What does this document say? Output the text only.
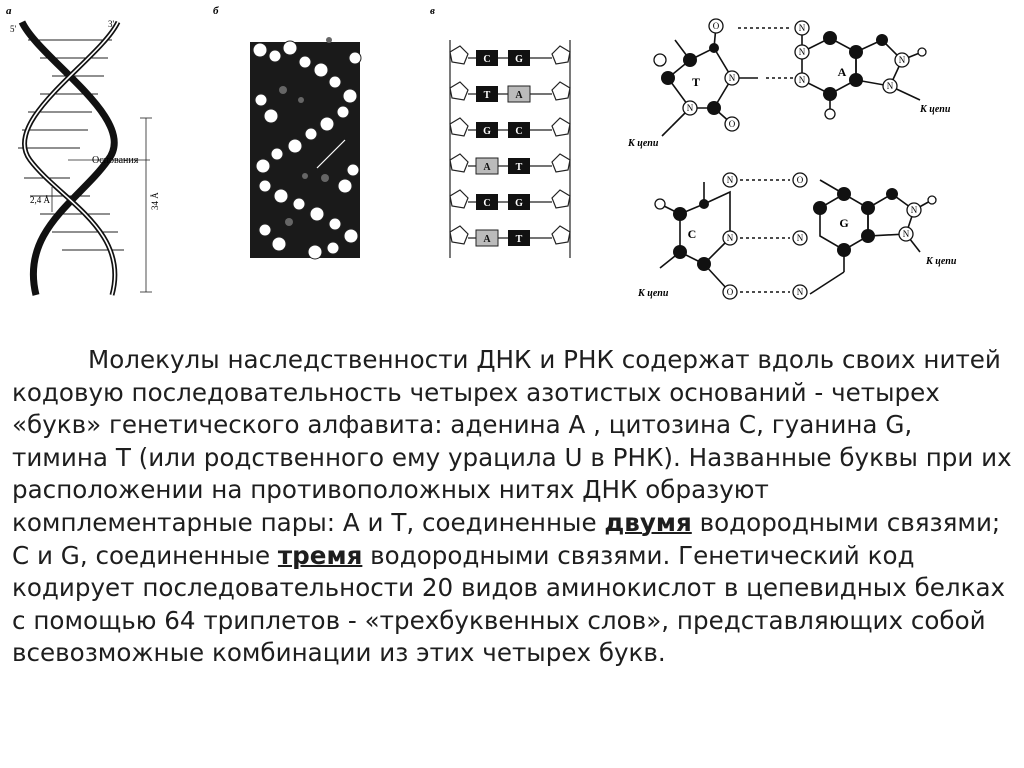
а
5'	3'
Основания
2,4 Å	34 Å
б	в
C G
T	A
G C
A	T
C G
A	T
O
N
N
O
N
N
N
N
N
T
A
К цепи
К цепи
N
N
O
O
N
N
N
N
C
G
К цепи
К цепи
Молекулы наследственности ДНК и РНК содержат вдоль своих нитей кодовую последовательность четырех азотистых оснований - четырех «букв» генетического алфавита: аденина А , цитозина С, гуанина G, тимина Т (или родственного ему урацила U в РНК). Названные буквы при их расположении на противоположных нитях ДНК образуют комплементарные пары: А и Т, соединенные двумя водородными связями; С и G, соединенные тремя водородными связями. Генетический код кодирует последовательности 20 видов аминокислот в цепевидных белках с помощью 64 триплетов - «трехбуквенных слов», представляющих собой всевозможные комбинации из этих четырех букв.
